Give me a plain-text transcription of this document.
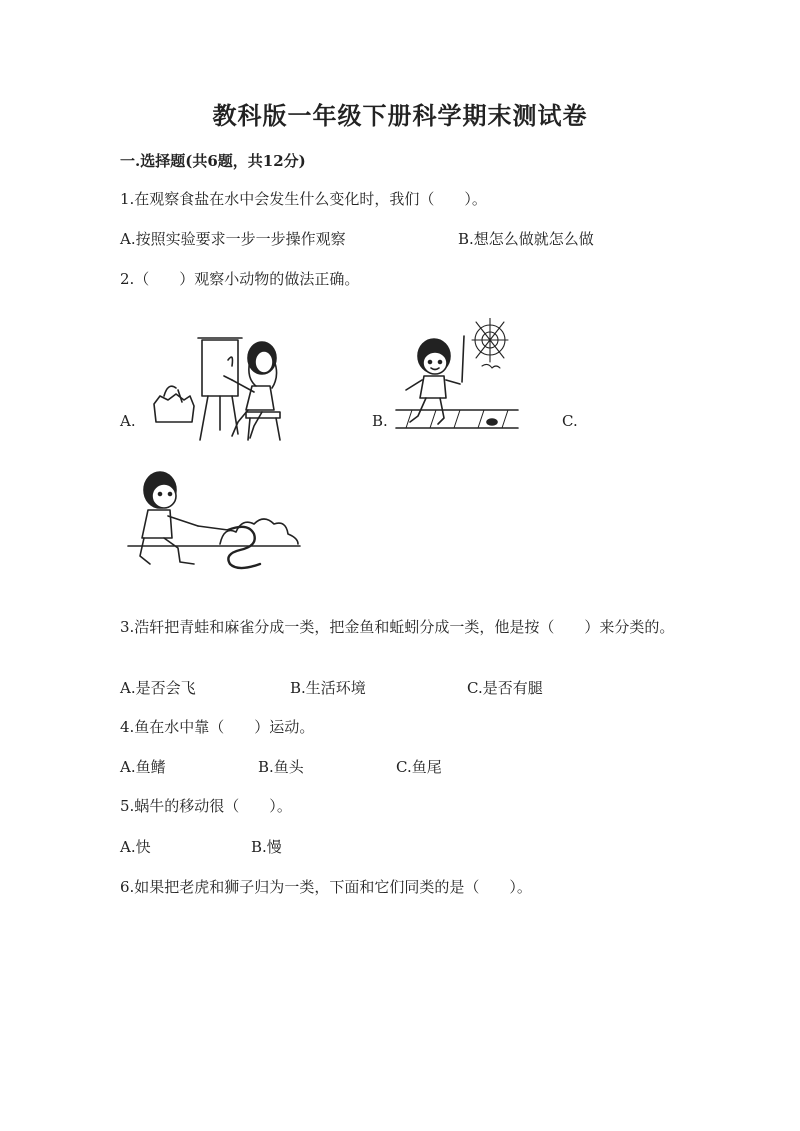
教科版一年级下册科学期末测试卷
一.选择题(共6题，共12分)
1.在观察食盐在水中会发生什么变化时，我们（　　）。
A.按照实验要求一步一步操作观察	B.想怎么做就怎么做
2.（　　）观察小动物的做法正确。
A.	B.	C.
3.浩轩把青蛙和麻雀分成一类，把金鱼和蚯蚓分成一类，他是按（　　）来分类的。
A.是否会飞	B.生活环境	C.是否有腿
4.鱼在水中靠（　　）运动。
A.鱼鳍	B.鱼头	C.鱼尾
5.蜗牛的移动很（　　）。
A.快	B.慢
6.如果把老虎和狮子归为一类，下面和它们同类的是（　　）。
